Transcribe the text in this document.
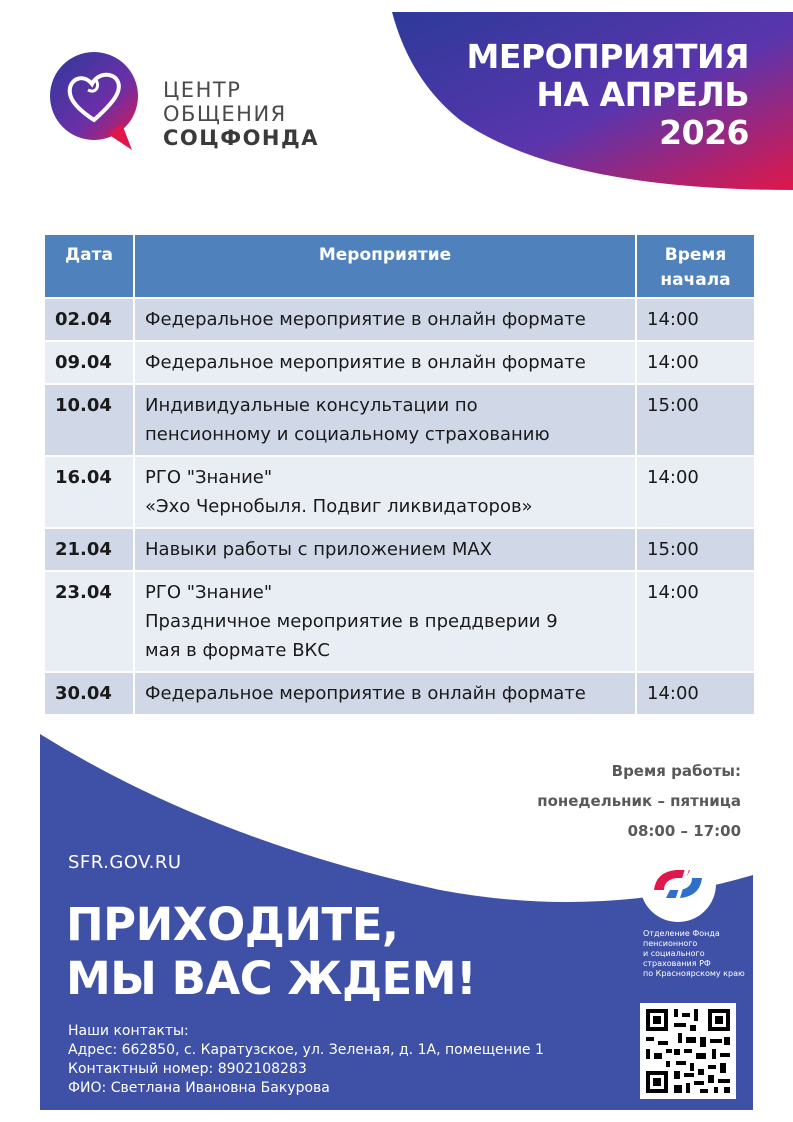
МЕРОПРИЯТИЯ
НА АПРЕЛЬ
2026
ЦЕНТР
ОБЩЕНИЯ
СОЦФОНДА
Дата	Мероприятие	Время
начала

02.04	Федеральное мероприятие в онлайн формате	14:00
09.04	Федеральное мероприятие в онлайн формате	14:00
10.04	Индивидуальные консультации по
пенсионному и социальному страхованию	15:00
16.04	РГО "Знание"
«Эхо Чернобыля. Подвиг ликвидаторов»	14:00
21.04	Навыки работы с приложением MAX	15:00
23.04	РГО "Знание"
Праздничное мероприятие в преддверии 9
мая в формате ВКС	14:00
30.04	Федеральное мероприятие в онлайн формате	14:00
Время работы:
понедельник – пятница
08:00 – 17:00
SFR.GOV.RU
ПРИХОДИТЕ,
МЫ ВАС ЖДЕМ!
Наши контакты:
Адрес: 662850, с. Каратузское, ул. Зеленая, д. 1А, помещение 1
Контактный номер: 8902108283
ФИО: Светлана Ивановна Бакурова
Отделение Фонда
пенсионного
и социального
страхования РФ
по Красноярскому краю
